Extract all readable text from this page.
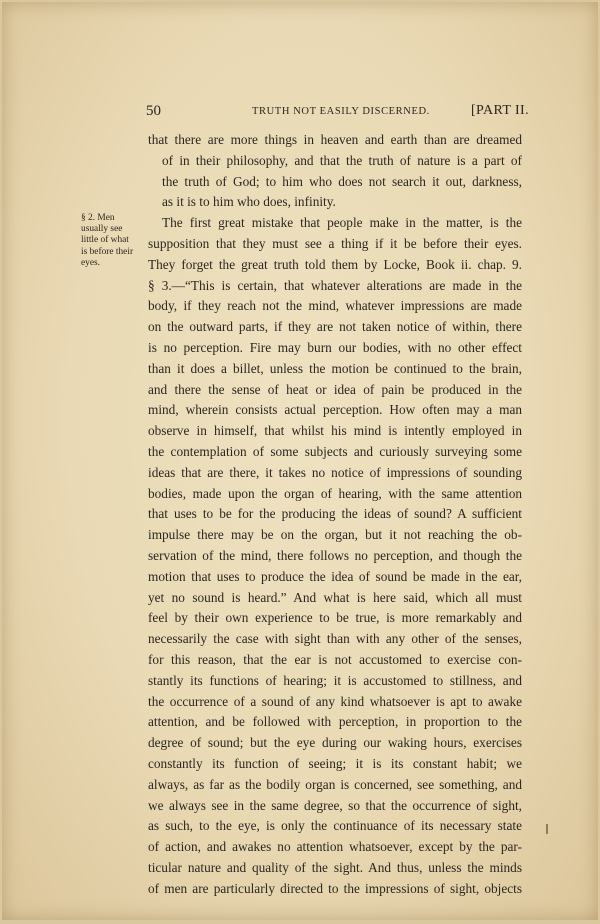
50	TRUTH NOT EASILY DISCERNED.	[PART II.
§ 2. Men
usually see
little of what
is before their
eyes.
that there are more things in heaven and earth than are dreamed
of in their philosophy, and that the truth of nature is a part of
the truth of God; to him who does not search it out, darkness,
as it is to him who does, infinity.
The first great mistake that people make in the matter, is the
supposition that they must see a thing if it be before their eyes.
They forget the great truth told them by Locke, Book ii. chap. 9.
§ 3.—“This is certain, that whatever alterations are made in the
body, if they reach not the mind, whatever impressions are made
on the outward parts, if they are not taken notice of within, there
is no perception. Fire may burn our bodies, with no other effect
than it does a billet, unless the motion be continued to the brain,
and there the sense of heat or idea of pain be produced in the
mind, wherein consists actual perception. How often may a man
observe in himself, that whilst his mind is intently employed in
the contemplation of some subjects and curiously surveying some
ideas that are there, it takes no notice of impressions of sounding
bodies, made upon the organ of hearing, with the same attention
that uses to be for the producing the ideas of sound? A sufficient
impulse there may be on the organ, but it not reaching the ob-
servation of the mind, there follows no perception, and though the
motion that uses to produce the idea of sound be made in the ear,
yet no sound is heard.” And what is here said, which all must
feel by their own experience to be true, is more remarkably and
necessarily the case with sight than with any other of the senses,
for this reason, that the ear is not accustomed to exercise con-
stantly its functions of hearing; it is accustomed to stillness, and
the occurrence of a sound of any kind whatsoever is apt to awake
attention, and be followed with perception, in proportion to the
degree of sound; but the eye during our waking hours, exercises
constantly its function of seeing; it is its constant habit; we
always, as far as the bodily organ is concerned, see something, and
we always see in the same degree, so that the occurrence of sight,
as such, to the eye, is only the continuance of its necessary state
of action, and awakes no attention whatsoever, except by the par-
ticular nature and quality of the sight. And thus, unless the minds
of men are particularly directed to the impressions of sight, objects
